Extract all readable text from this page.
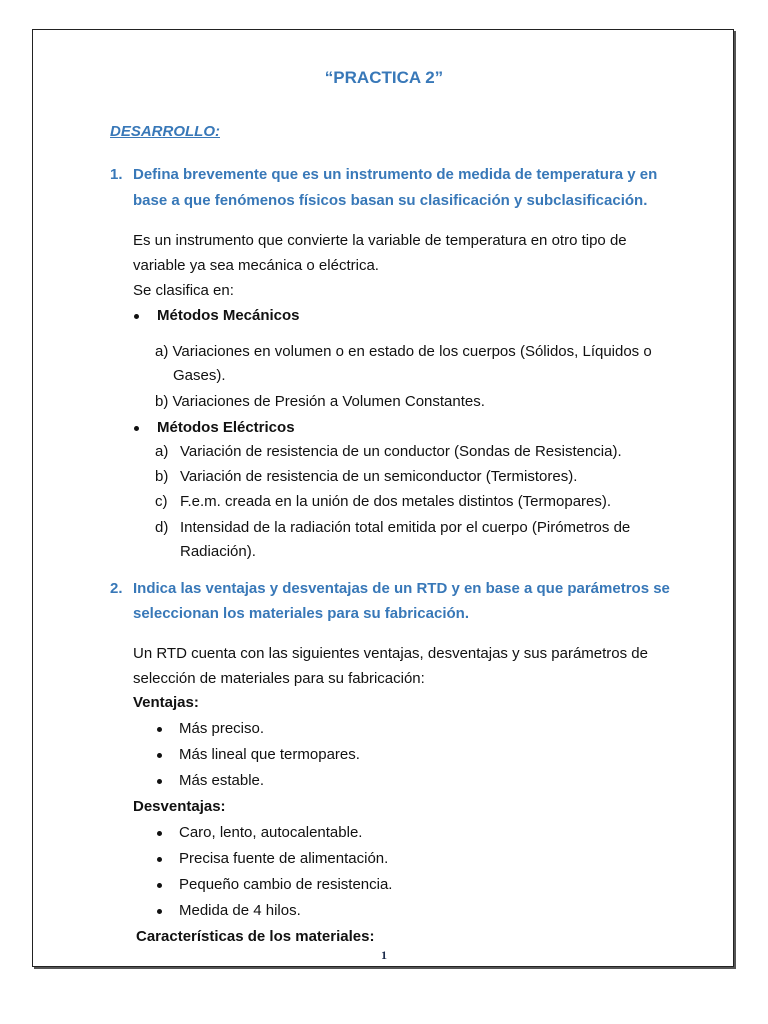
“PRACTICA 2”
DESARROLLO:
1. Defina brevemente que es un instrumento de medida de temperatura y en
base a que fenómenos físicos basan su clasificación y subclasificación.
Es un instrumento que convierte la variable de temperatura en otro tipo de
variable ya sea mecánica o eléctrica.
Se clasifica en:
Métodos Mecánicos
a) Variaciones en volumen o en estado de los cuerpos (Sólidos, Líquidos o
Gases).
b) Variaciones de Presión a Volumen Constantes.
Métodos Eléctricos
a) Variación de resistencia de un conductor (Sondas de Resistencia).
b) Variación de resistencia de un semiconductor (Termistores).
c) F.e.m. creada en la unión de dos metales distintos (Termopares).
d) Intensidad de la radiación total emitida por el cuerpo (Pirómetros de
Radiación).
2. Indica las ventajas y desventajas de un RTD y en base a que parámetros se
seleccionan los materiales para su fabricación.
Un RTD cuenta con las siguientes ventajas, desventajas y sus parámetros de
selección de materiales para su fabricación:
Ventajas:
Más preciso.
Más lineal que termopares.
Más estable.
Desventajas:
Caro, lento, autocalentable.
Precisa fuente de alimentación.
Pequeño cambio de resistencia.
Medida de 4 hilos.
Características de los materiales:
1
